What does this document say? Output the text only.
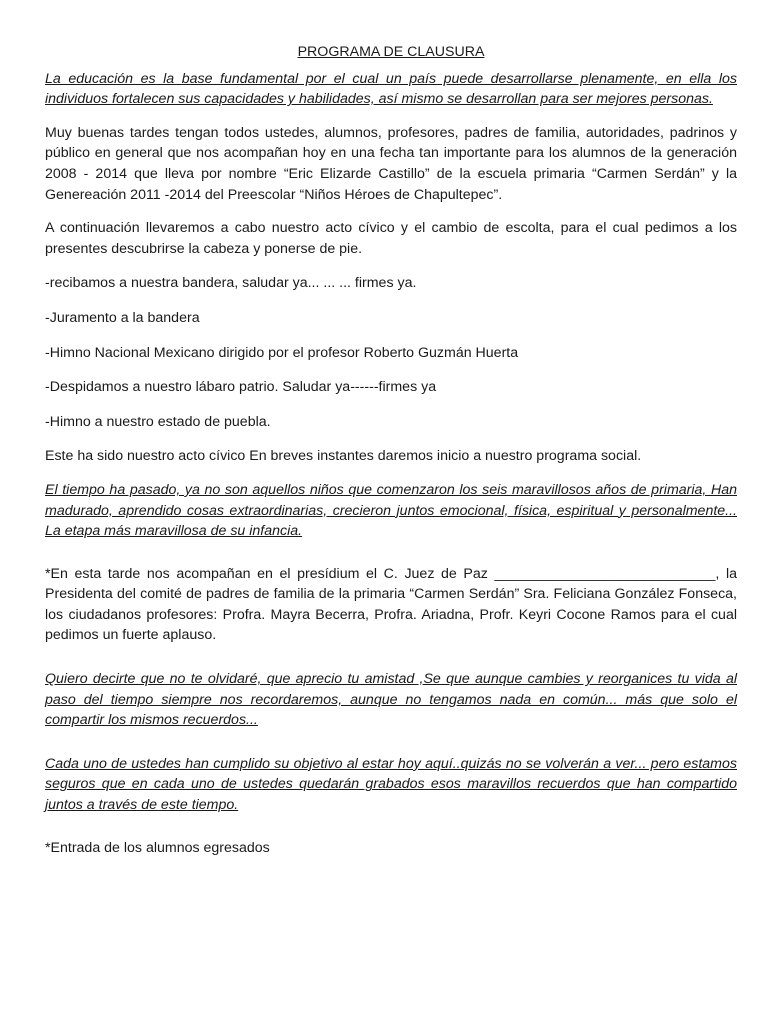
PROGRAMA DE CLAUSURA

La educación es la base fundamental por el cual un país puede desarrollarse plenamente, en ella los individuos fortalecen sus capacidades y habilidades, así mismo se desarrollan para ser mejores personas.

Muy buenas tardes tengan todos ustedes, alumnos, profesores, padres de familia, autoridades, padrinos y público en general que nos acompañan hoy en una fecha tan importante para los alumnos de la generación 2008 - 2014 que lleva por nombre “Eric Elizarde Castillo” de la escuela primaria “Carmen Serdán” y la Genereación 2011 -2014 del Preescolar “Niños Héroes de Chapultepec”.

A continuación llevaremos a cabo nuestro acto cívico y el cambio de escolta, para el cual pedimos a los presentes descubrirse la cabeza y ponerse de pie.

-recibamos a nuestra bandera, saludar ya... ... ... firmes ya.

-Juramento a la bandera

-Himno Nacional Mexicano dirigido por el profesor Roberto Guzmán Huerta

-Despidamos a nuestro lábaro patrio. Saludar ya------firmes ya

-Himno a nuestro estado de puebla.

Este ha sido nuestro acto cívico En breves instantes daremos inicio a nuestro programa social.

El tiempo ha pasado, ya no son aquellos niños que comenzaron los seis maravillosos años de primaria, Han madurado, aprendido cosas extraordinarias, crecieron juntos emocional, física, espiritual y personalmente... La etapa más maravillosa de su infancia.

*En esta tarde nos acompañan en el presídium el C. Juez de Paz ____________________________, la Presidenta del comité de padres de familia de la primaria “Carmen Serdán” Sra. Feliciana González Fonseca, los ciudadanos profesores: Profra. Mayra Becerra, Profra. Ariadna, Profr. Keyri Cocone Ramos para el cual pedimos un fuerte aplauso.

Quiero decirte que no te olvidaré, que aprecio tu amistad ,Se que aunque cambies y reorganices tu vida al paso del tiempo siempre nos recordaremos, aunque no tengamos nada en común... más que solo el compartir los mismos recuerdos...

Cada uno de ustedes han cumplido su objetivo al estar hoy aquí..quizás no se volverán a ver... pero estamos seguros que en cada uno de ustedes quedarán grabados esos maravillos recuerdos que han compartido juntos a través de este tiempo.

*Entrada de los alumnos egresados
